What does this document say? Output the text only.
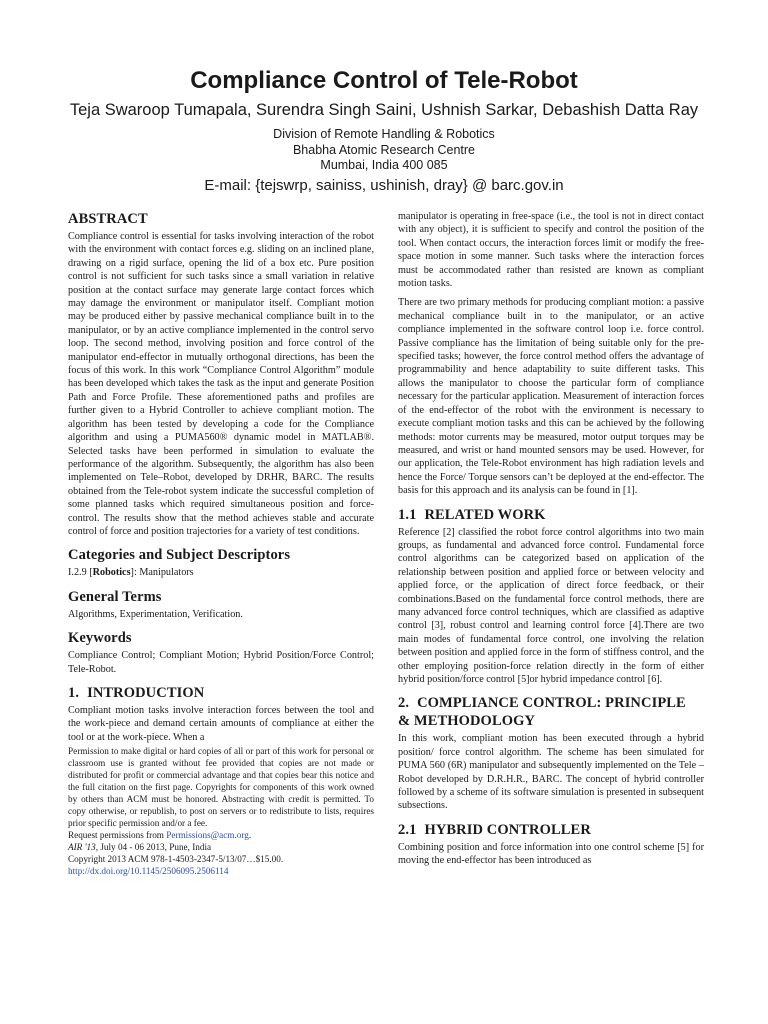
Compliance Control of Tele-Robot
Teja Swaroop Tumapala, Surendra Singh Saini, Ushnish Sarkar, Debashish Datta Ray
Division of Remote Handling & Robotics
Bhabha Atomic Research Centre
Mumbai, India 400 085
E-mail: {tejswrp, sainiss, ushinish, dray} @ barc.gov.in
ABSTRACT

Compliance control is essential for tasks involving interaction of the robot with the environment with contact forces e.g. sliding on an inclined plane, drawing on a rigid surface, opening the lid of a box etc. Pure position control is not sufficient for such tasks since a small variation in relative position at the contact surface may generate large contact forces which may damage the environment or manipulator itself. Compliant motion may be produced either by passive mechanical compliance built in to the manipulator, or by an active compliance implemented in the control servo loop. The second method, involving position and force control of the manipulator end-effector in mutually orthogonal directions, has been the focus of this work. In this work “Compliance Control Algorithm” module has been developed which takes the task as the input and generate Position Path and Force Profile. These aforementioned paths and profiles are further given to a Hybrid Controller to achieve compliant motion. The algorithm has been tested by developing a code for the Compliance algorithm and using a PUMA560® dynamic model in MATLAB®. Selected tasks have been performed in simulation to evaluate the performance of the algorithm. Subsequently, the algorithm has also been implemented on Tele–Robot, developed by DRHR, BARC. The results obtained from the Tele-robot system indicate the successful completion of some planned tasks which required simultaneous position and force-control. The results show that the method achieves stable and accurate control of force and position trajectories for a variety of test conditions.

Categories and Subject Descriptors

I.2.9 [Robotics]: Manipulators

General Terms

Algorithms, Experimentation, Verification.

Keywords

Compliance Control; Compliant Motion; Hybrid Position/Force Control; Tele-Robot.

1. INTRODUCTION

Compliant motion tasks involve interaction forces between the tool and the work-piece and demand certain amounts of compliance at either the tool or at the work-piece. When a

Permission to make digital or hard copies of all or part of this work for personal or classroom use is granted without fee provided that copies are not made or distributed for profit or commercial advantage and that copies bear this notice and the full citation on the first page. Copyrights for components of this work owned by others than ACM must be honored. Abstracting with credit is permitted. To copy otherwise, or republish, to post on servers or to redistribute to lists, requires prior specific permission and/or a fee.

Request permissions from Permissions@acm.org.

AIR '13, July 04 - 06 2013, Pune, India

Copyright 2013 ACM 978-1-4503-2347-5/13/07…$15.00.

http://dx.doi.org/10.1145/2506095.2506114

manipulator is operating in free-space (i.e., the tool is not in direct contact with any object), it is sufficient to specify and control the position of the tool. When contact occurs, the interaction forces limit or modify the free-space motion in some manner. Such tasks where the interaction forces must be accommodated rather than resisted are known as compliant motion tasks.

There are two primary methods for producing compliant motion: a passive mechanical compliance built in to the manipulator, or an active compliance implemented in the software control loop i.e. force control. Passive compliance has the limitation of being suitable only for the pre-specified tasks; however, the force control method offers the advantage of programmability and hence adaptability to suite different tasks. This allows the manipulator to choose the particular form of compliance necessary for the particular application. Measurement of interaction forces of the end-effector of the robot with the environment is necessary to execute compliant motion tasks and this can be achieved by the following methods: motor currents may be measured, motor output torques may be measured, and wrist or hand mounted sensors may be used. However, for our application, the Tele-Robot environment has high radiation levels and hence the Force/ Torque sensors can’t be deployed at the end-effector. The basis for this approach and its analysis can be found in [1].

1.1 RELATED WORK

Reference [2] classified the robot force control algorithms into two main groups, as fundamental and advanced force control. Fundamental force control algorithms can be categorized based on application of the relationship between position and applied force or between velocity and applied force, or the application of direct force feedback, or their combinations.Based on the fundamental force control methods, there are many advanced force control techniques, which are classified as adaptive control [3], robust control and learning control force [4].There are two main modes of fundamental force control, one involving the relation between position and applied force in the form of stiffness control, and the other employing position-force relation directly in the form of either hybrid position/force control [5]or hybrid impedance control [6].

2. COMPLIANCE CONTROL: PRINCIPLE
& METHODOLOGY

In this work, compliant motion has been executed through a hybrid position/ force control algorithm. The scheme has been simulated for PUMA 560 (6R) manipulator and subsequently implemented on the Tele – Robot developed by D.R.H.R., BARC. The concept of hybrid controller followed by a scheme of its software simulation is presented in subsequent subsections.

2.1 HYBRID CONTROLLER

Combining position and force information into one control scheme [5] for moving the end-effector has been introduced as
